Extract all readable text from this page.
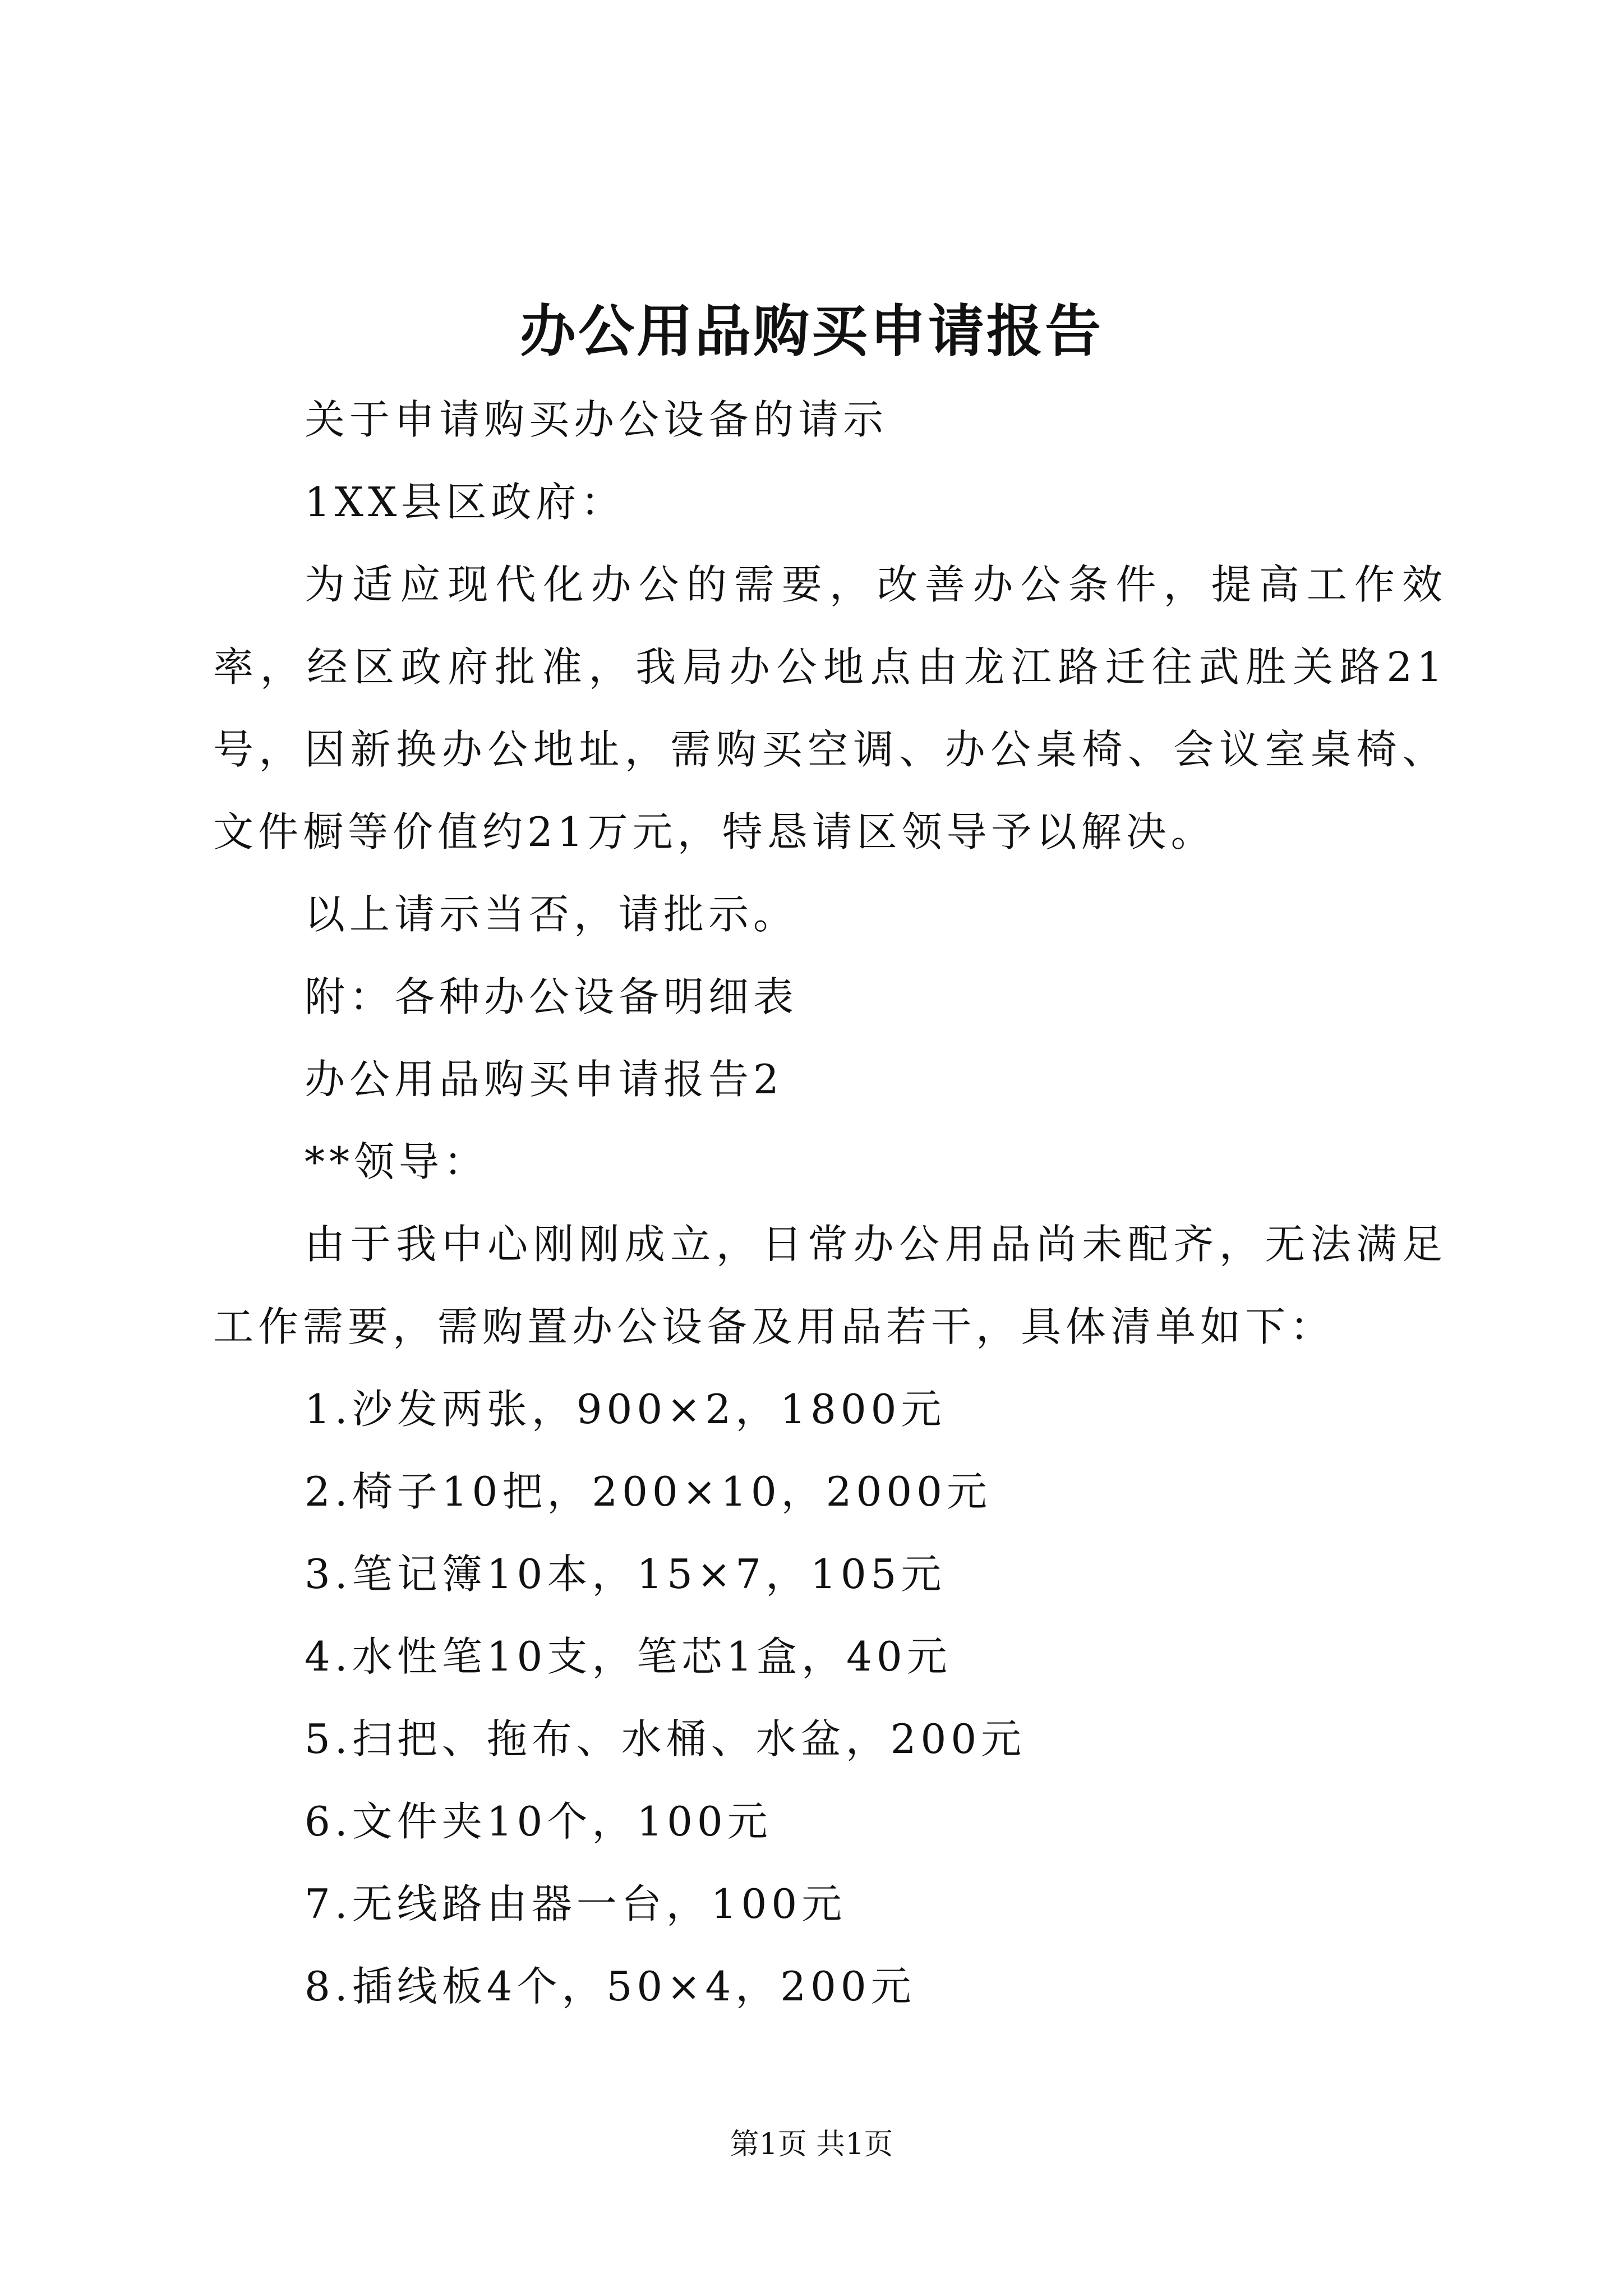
办公用品购买申请报告

关于申请购买办公设备的请示

1XX县区政府：

为适应现代化办公的需要，改善办公条件，提高工作效率，经区政府批准，我局办公地点由龙江路迁往武胜关路21号，因新换办公地址，需购买空调、办公桌椅、会议室桌椅、文件橱等价值约21万元，特恳请区领导予以解决。

以上请示当否，请批示。

附：各种办公设备明细表

办公用品购买申请报告2

**领导：

由于我中心刚刚成立，日常办公用品尚未配齐，无法满足工作需要，需购置办公设备及用品若干，具体清单如下：

1.沙发两张，900×2，1800元

2.椅子10把，200×10，2000元

3.笔记簿10本，15×7，105元

4.水性笔10支，笔芯1盒，40元

5.扫把、拖布、水桶、水盆，200元

6.文件夹10个，100元

7.无线路由器一台，100元

8.插线板4个，50×4，200元

第1页 共1页
